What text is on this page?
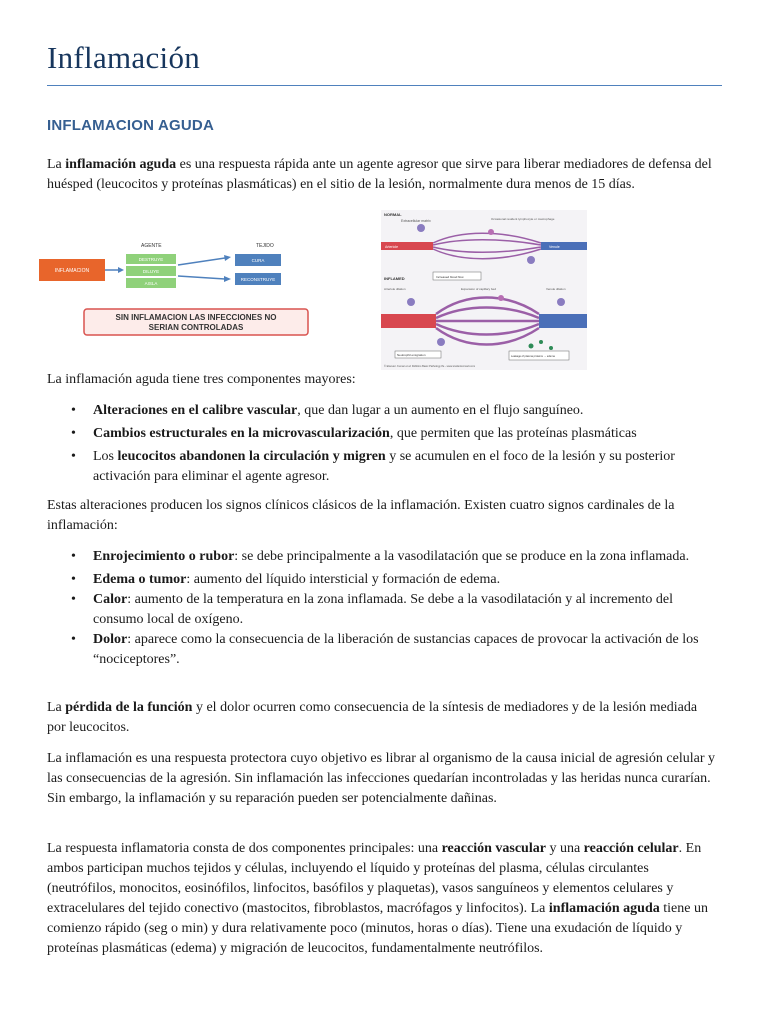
Inflamación
INFLAMACION AGUDA

La inflamación aguda es una respuesta rápida ante un agente agresor que sirve para liberar mediadores de defensa del huésped (leucocitos y proteínas plasmáticas) en el sitio de la lesión, normalmente dura menos de 15 días.

AGENTE	TEJIDO
INFLAMACION
DESTRUYE
DILUYE
AISLA
CURA
RECONSTRUYE
SIN INFLAMACION LAS INFECCIONES NO
SERIAN CONTROLADAS
NORMAL
Extracellular matrix	Occasional resident lymphocyte or macrophage
Arteriole	Venule
INFLAMED	Increased blood flow
Arteriole dilation	Expansion of capillary bed	Venule dilation
Neutrophil emigration	Leakage of plasma proteins → edema
© Elsevier. Kumar et al: Robbins Basic Pathology 8e - www.studentconsult.com

La inflamación aguda tiene tres componentes mayores:

• Alteraciones en el calibre vascular, que dan lugar a un aumento en el flujo sanguíneo.
• Cambios estructurales en la microvascularización, que permiten que las proteínas plasmáticas
• Los leucocitos abandonen la circulación y migren y se acumulen en el foco de la lesión y su posterior activación para eliminar el agente agresor.

Estas alteraciones producen los signos clínicos clásicos de la inflamación. Existen cuatro signos cardinales de la inflamación:

• Enrojecimiento o rubor: se debe principalmente a la vasodilatación que se produce en la zona inflamada.
• Edema o tumor: aumento del líquido intersticial y formación de edema.
• Calor: aumento de la temperatura en la zona inflamada. Se debe a la vasodilatación y al incremento del consumo local de oxígeno.
• Dolor: aparece como la consecuencia de la liberación de sustancias capaces de provocar la activación de los “nociceptores”.

La pérdida de la función y el dolor ocurren como consecuencia de la síntesis de mediadores y de la lesión mediada por leucocitos.

La inflamación es una respuesta protectora cuyo objetivo es librar al organismo de la causa inicial de agresión celular y las consecuencias de la agresión. Sin inflamación las infecciones quedarían incontroladas y las heridas nunca curarían. Sin embargo, la inflamación y su reparación pueden ser potencialmente dañinas.

La respuesta inflamatoria consta de dos componentes principales: una reacción vascular y una reacción celular. En ambos participan muchos tejidos y células, incluyendo el líquido y proteínas del plasma, células circulantes (neutrófilos, monocitos, eosinófilos, linfocitos, basófilos y plaquetas), vasos sanguíneos y elementos celulares y extracelulares del tejido conectivo (mastocitos, fibroblastos, macrófagos y linfocitos). La inflamación aguda tiene un comienzo rápido (seg o min) y dura relativamente poco (minutos, horas o días). Tiene una exudación de líquido y proteínas plasmáticas (edema) y migración de leucocitos, fundamentalmente neutrófilos.
